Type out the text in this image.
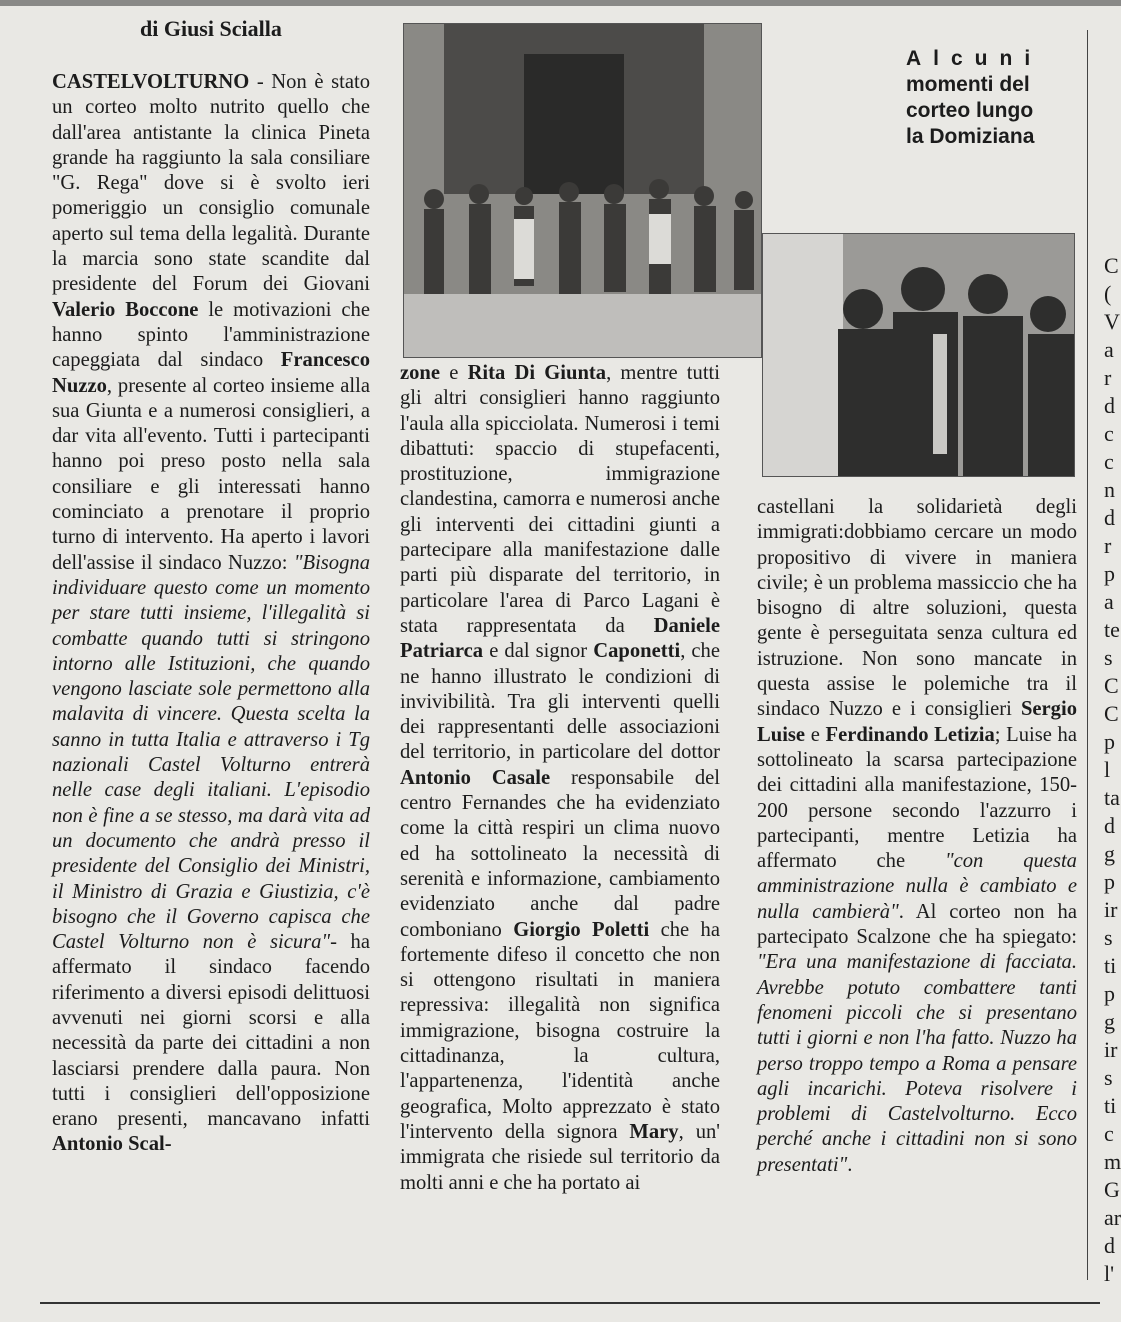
di Giusi Scialla
Alcuni
momenti del
corteo lungo
la Domiziana

CASTELVOLTURNO - Non è stato un corteo molto nutrito quello che dall'area antistante la clinica Pineta grande ha raggiunto la sala consiliare "G. Rega" dove si è svolto ieri pomeriggio un consiglio comunale aperto sul tema della legalità. Durante la marcia sono state scandite dal presidente del Forum dei Giovani Valerio Boccone le motivazioni che hanno spinto l'amministrazione capeggiata dal sindaco Francesco Nuzzo, presente al corteo insieme alla sua Giunta e a numerosi consiglieri, a dar vita all'evento. Tutti i partecipanti hanno poi preso posto nella sala consiliare e gli interessati hanno cominciato a prenotare il proprio turno di intervento. Ha aperto i lavori dell'assise il sindaco Nuzzo: "Bisogna individuare questo come un momento per stare tutti insieme, l'illegalità si combatte quando tutti si stringono intorno alle Istituzioni, che quando vengono lasciate sole permettono alla malavita di vincere. Questa scelta la sanno in tutta Italia e attraverso i Tg nazionali Castel Volturno entrerà nelle case degli italiani. L'episodio non è fine a se stesso, ma darà vita ad un documento che andrà presso il presidente del Consiglio dei Ministri, il Ministro di Grazia e Giustizia, c'è bisogno che il Governo capisca che Castel Volturno non è sicura"- ha affermato il sindaco facendo riferimento a diversi episodi delittuosi avvenuti nei giorni scorsi e alla necessità da parte dei cittadini a non lasciarsi prendere dalla paura. Non tutti i consiglieri dell'opposizione erano presenti, mancavano infatti Antonio Scal-

zone e Rita Di Giunta, mentre tutti gli altri consiglieri hanno raggiunto l'aula alla spicciolata. Numerosi i temi dibattuti: spaccio di stupefacenti, prostituzione, immigrazione clandestina, camorra e numerosi anche gli interventi dei cittadini giunti a partecipare alla manifestazione dalle parti più disparate del territorio, in particolare l'area di Parco Lagani è stata rappresentata da Daniele Patriarca e dal signor Caponetti, che ne hanno illustrato le condizioni di invivibilità. Tra gli interventi quelli dei rappresentanti delle associazioni del territorio, in particolare del dottor Antonio Casale responsabile del centro Fernandes che ha evidenziato come la città respiri un clima nuovo ed ha sottolineato la necessità di serenità e informazione, cambiamento evidenziato anche dal padre comboniano Giorgio Poletti che ha fortemente difeso il concetto che non si ottengono risultati in maniera repressiva: illegalità non significa immigrazione, bisogna costruire la cittadinanza, la cultura, l'appartenenza, l'identità anche geografica, Molto apprezzato è stato l'intervento della signora Mary, un' immigrata che risiede sul territorio da molti anni e che ha portato ai

castellani la solidarietà degli immigrati:dobbiamo cercare un modo propositivo di vivere in maniera civile; è un problema massiccio che ha bisogno di altre soluzioni, questa gente è perseguitata senza cultura ed istruzione. Non sono mancate in questa assise le polemiche tra il sindaco Nuzzo e i consiglieri Sergio Luise e Ferdinando Letizia; Luise ha sottolineato la scarsa partecipazione dei cittadini alla manifestazione, 150-200 persone secondo l'azzurro i partecipanti, mentre Letizia ha affermato che "con questa amministrazione nulla è cambiato e nulla cambierà". Al corteo non ha partecipato Scalzone che ha spiegato: "Era una manifestazione di facciata. Avrebbe potuto combattere tanti fenomeni piccoli che si presentano tutti i giorni e non l'ha fatto. Nuzzo ha perso troppo tempo a Roma a pensare agli incarichi. Poteva risolvere i problemi di Castelvolturno. Ecco perché anche i cittadini non si sono presentati".

C
(
V
a
r
d
c
c
n
d
r
p
a
te
s
C
C
p
l
ta
d
g
p
ir
s
ti
p
g
ir
s
ti
c
m
G
ar
d
l'
